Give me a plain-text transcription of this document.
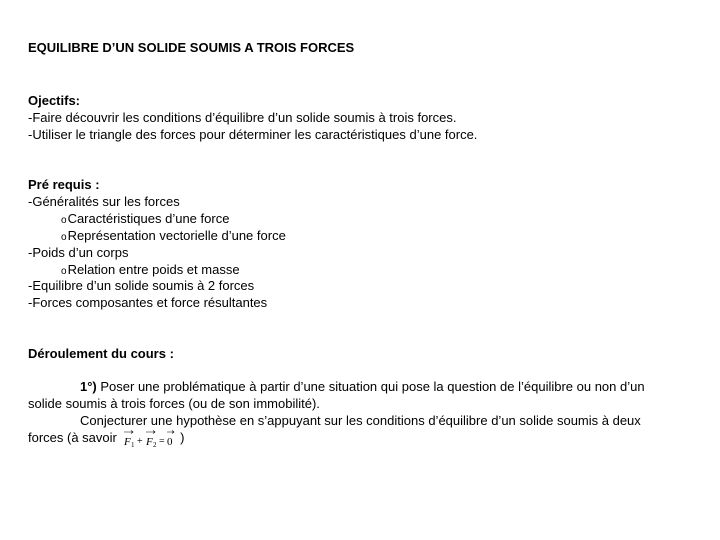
EQUILIBRE D’UN SOLIDE SOUMIS A TROIS FORCES
Ojectifs:
-Faire découvrir les conditions d’équilibre d’un solide soumis à trois forces.
-Utiliser le triangle des forces pour déterminer les caractéristiques d’une force.
Pré requis :
-Généralités sur les forces
oCaractéristiques d’une force
oReprésentation vectorielle d’une force
-Poids d’un corps
oRelation entre poids et masse
-Equilibre d’un solide soumis à 2 forces
-Forces composantes et force résultantes
Déroulement du cours :
1°) Poser une problématique à partir d’une situation qui pose la question de l’équilibre ou non d’un
solide soumis à trois forces (ou de son immobilité).
Conjecturer une hypothèse en s’appuyant sur les conditions d’équilibre d’un solide soumis à deux
forces (à savoir F 1 + F 2 = 0 )
